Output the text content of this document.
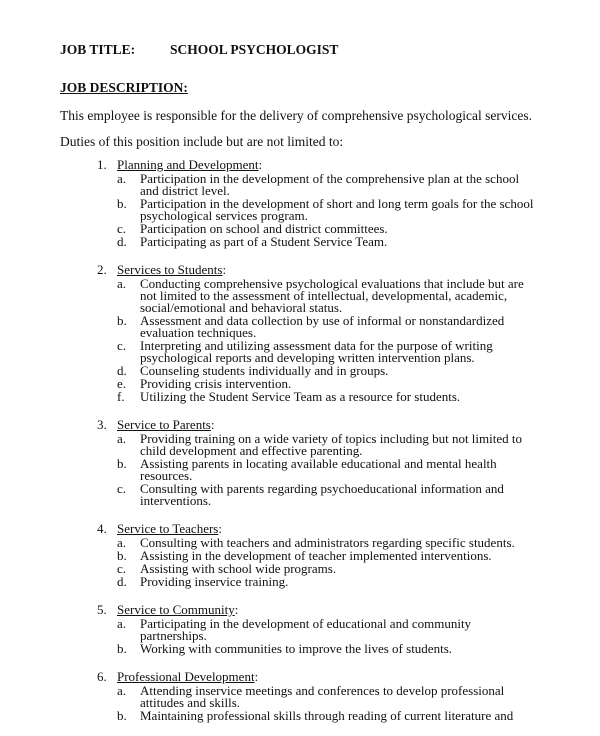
JOB TITLE:	SCHOOL PSYCHOLOGIST
JOB DESCRIPTION:
This employee is responsible for the delivery of comprehensive psychological services.
Duties of this position include but are not limited to:
1. Planning and Development:
a. Participation in the development of the comprehensive plan at the school and district level.
b. Participation in the development of short and long term goals for the school psychological services program.
c. Participation on school and district committees.
d. Participating as part of a Student Service Team.
2. Services to Students:
a. Conducting comprehensive psychological evaluations that include but are not limited to the assessment of intellectual, developmental, academic, social/emotional and behavioral status.
b. Assessment and data collection by use of informal or nonstandardized evaluation techniques.
c. Interpreting and utilizing assessment data for the purpose of writing psychological reports and developing written intervention plans.
d. Counseling students individually and in groups.
e. Providing crisis intervention.
f. Utilizing the Student Service Team as a resource for students.
3. Service to Parents:
a. Providing training on a wide variety of topics including but not limited to child development and effective parenting.
b. Assisting parents in locating available educational and mental health resources.
c. Consulting with parents regarding psychoeducational information and interventions.
4. Service to Teachers:
a. Consulting with teachers and administrators regarding specific students.
b. Assisting in the development of teacher implemented interventions.
c. Assisting with school wide programs.
d. Providing inservice training.
5. Service to Community:
a. Participating in the development of educational and community partnerships.
b. Working with communities to improve the lives of students.
6. Professional Development:
a. Attending inservice meetings and conferences to develop professional attitudes and skills.
b. Maintaining professional skills through reading of current literature and
